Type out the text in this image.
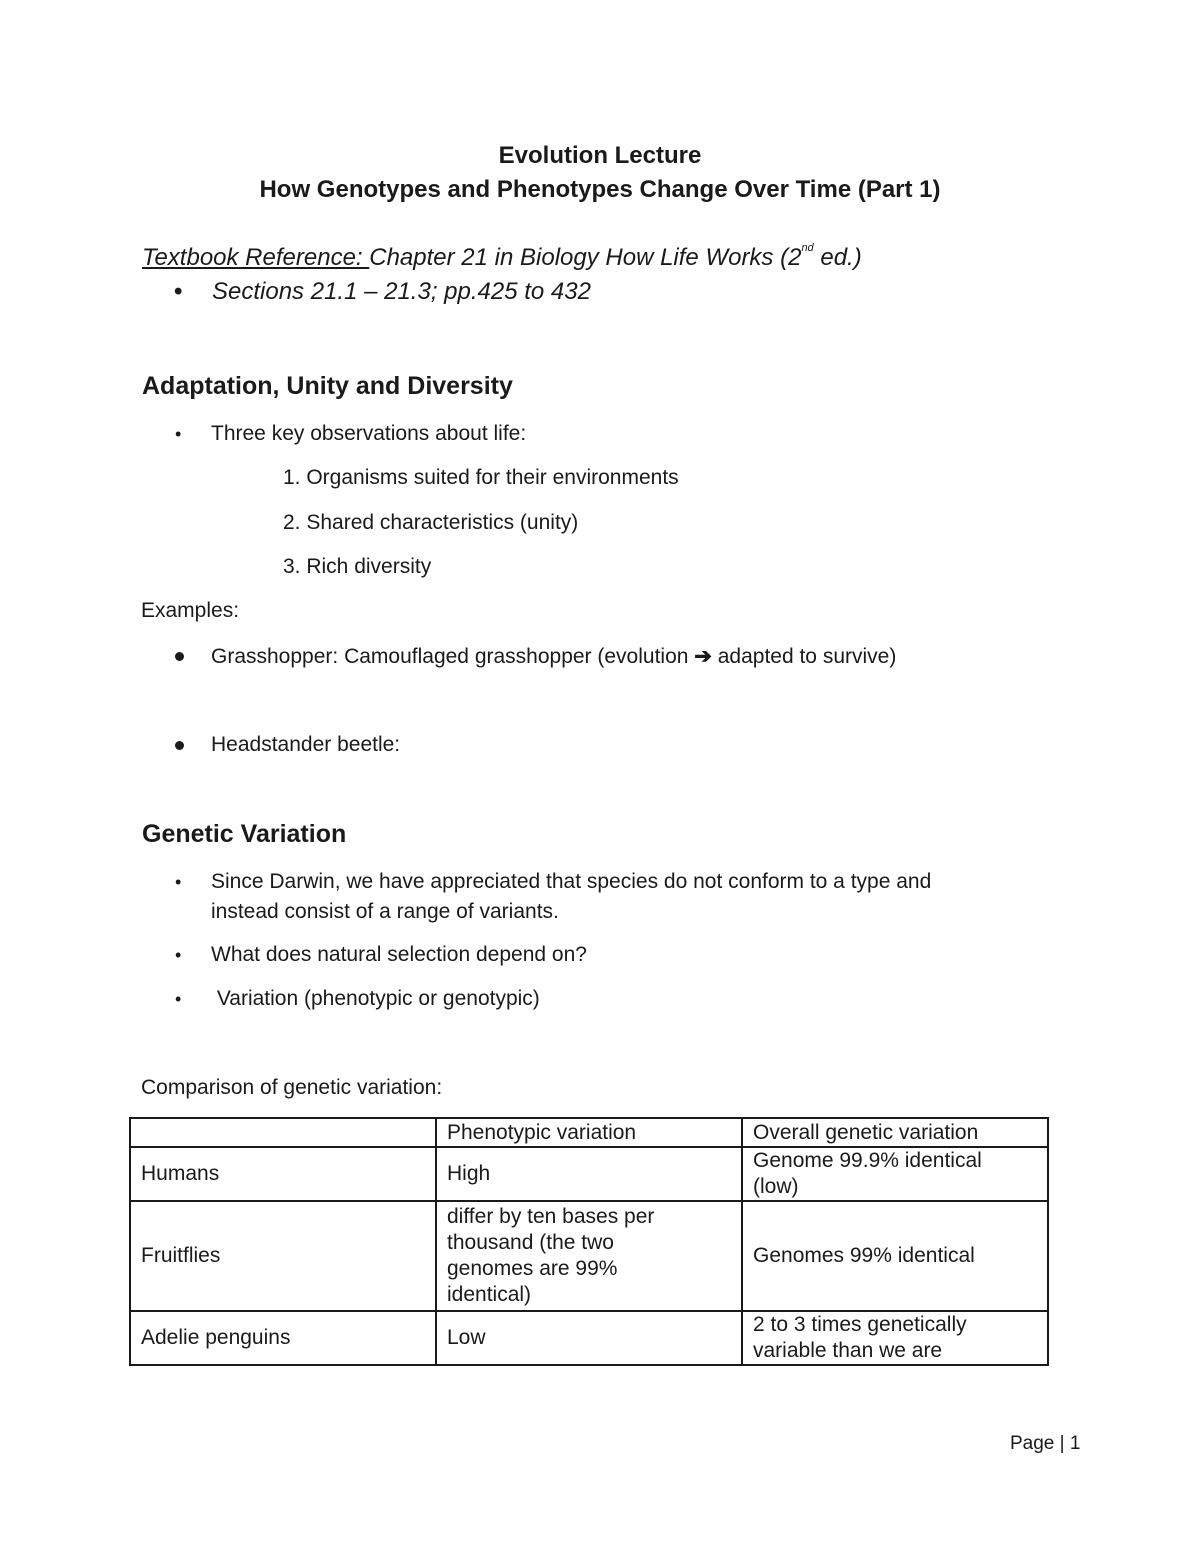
Evolution Lecture
How Genotypes and Phenotypes Change Over Time (Part 1)
Textbook Reference: Chapter 21 in Biology How Life Works (2nd ed.)
• Sections 21.1 – 21.3; pp.425 to 432
Adaptation, Unity and Diversity
• Three key observations about life:
1. Organisms suited for their environments
2. Shared characteristics (unity)
3. Rich diversity
Examples:
Grasshopper: Camouflaged grasshopper (evolution ➔ adapted to survive)
Headstander beetle:
Genetic Variation
• Since Darwin, we have appreciated that species do not conform to a type and
instead consist of a range of variants.
• What does natural selection depend on?
• Variation (phenotypic or genotypic)
Comparison of genetic variation:
	Phenotypic variation	Overall genetic variation
Humans	High	Genome 99.9% identical
(low)

Fruitflies	differ by ten bases per
thousand (the two
genomes are 99%
identical)	Genomes 99% identical

Adelie penguins	Low	2 to 3 times genetically
variable than we are
Page | 1
